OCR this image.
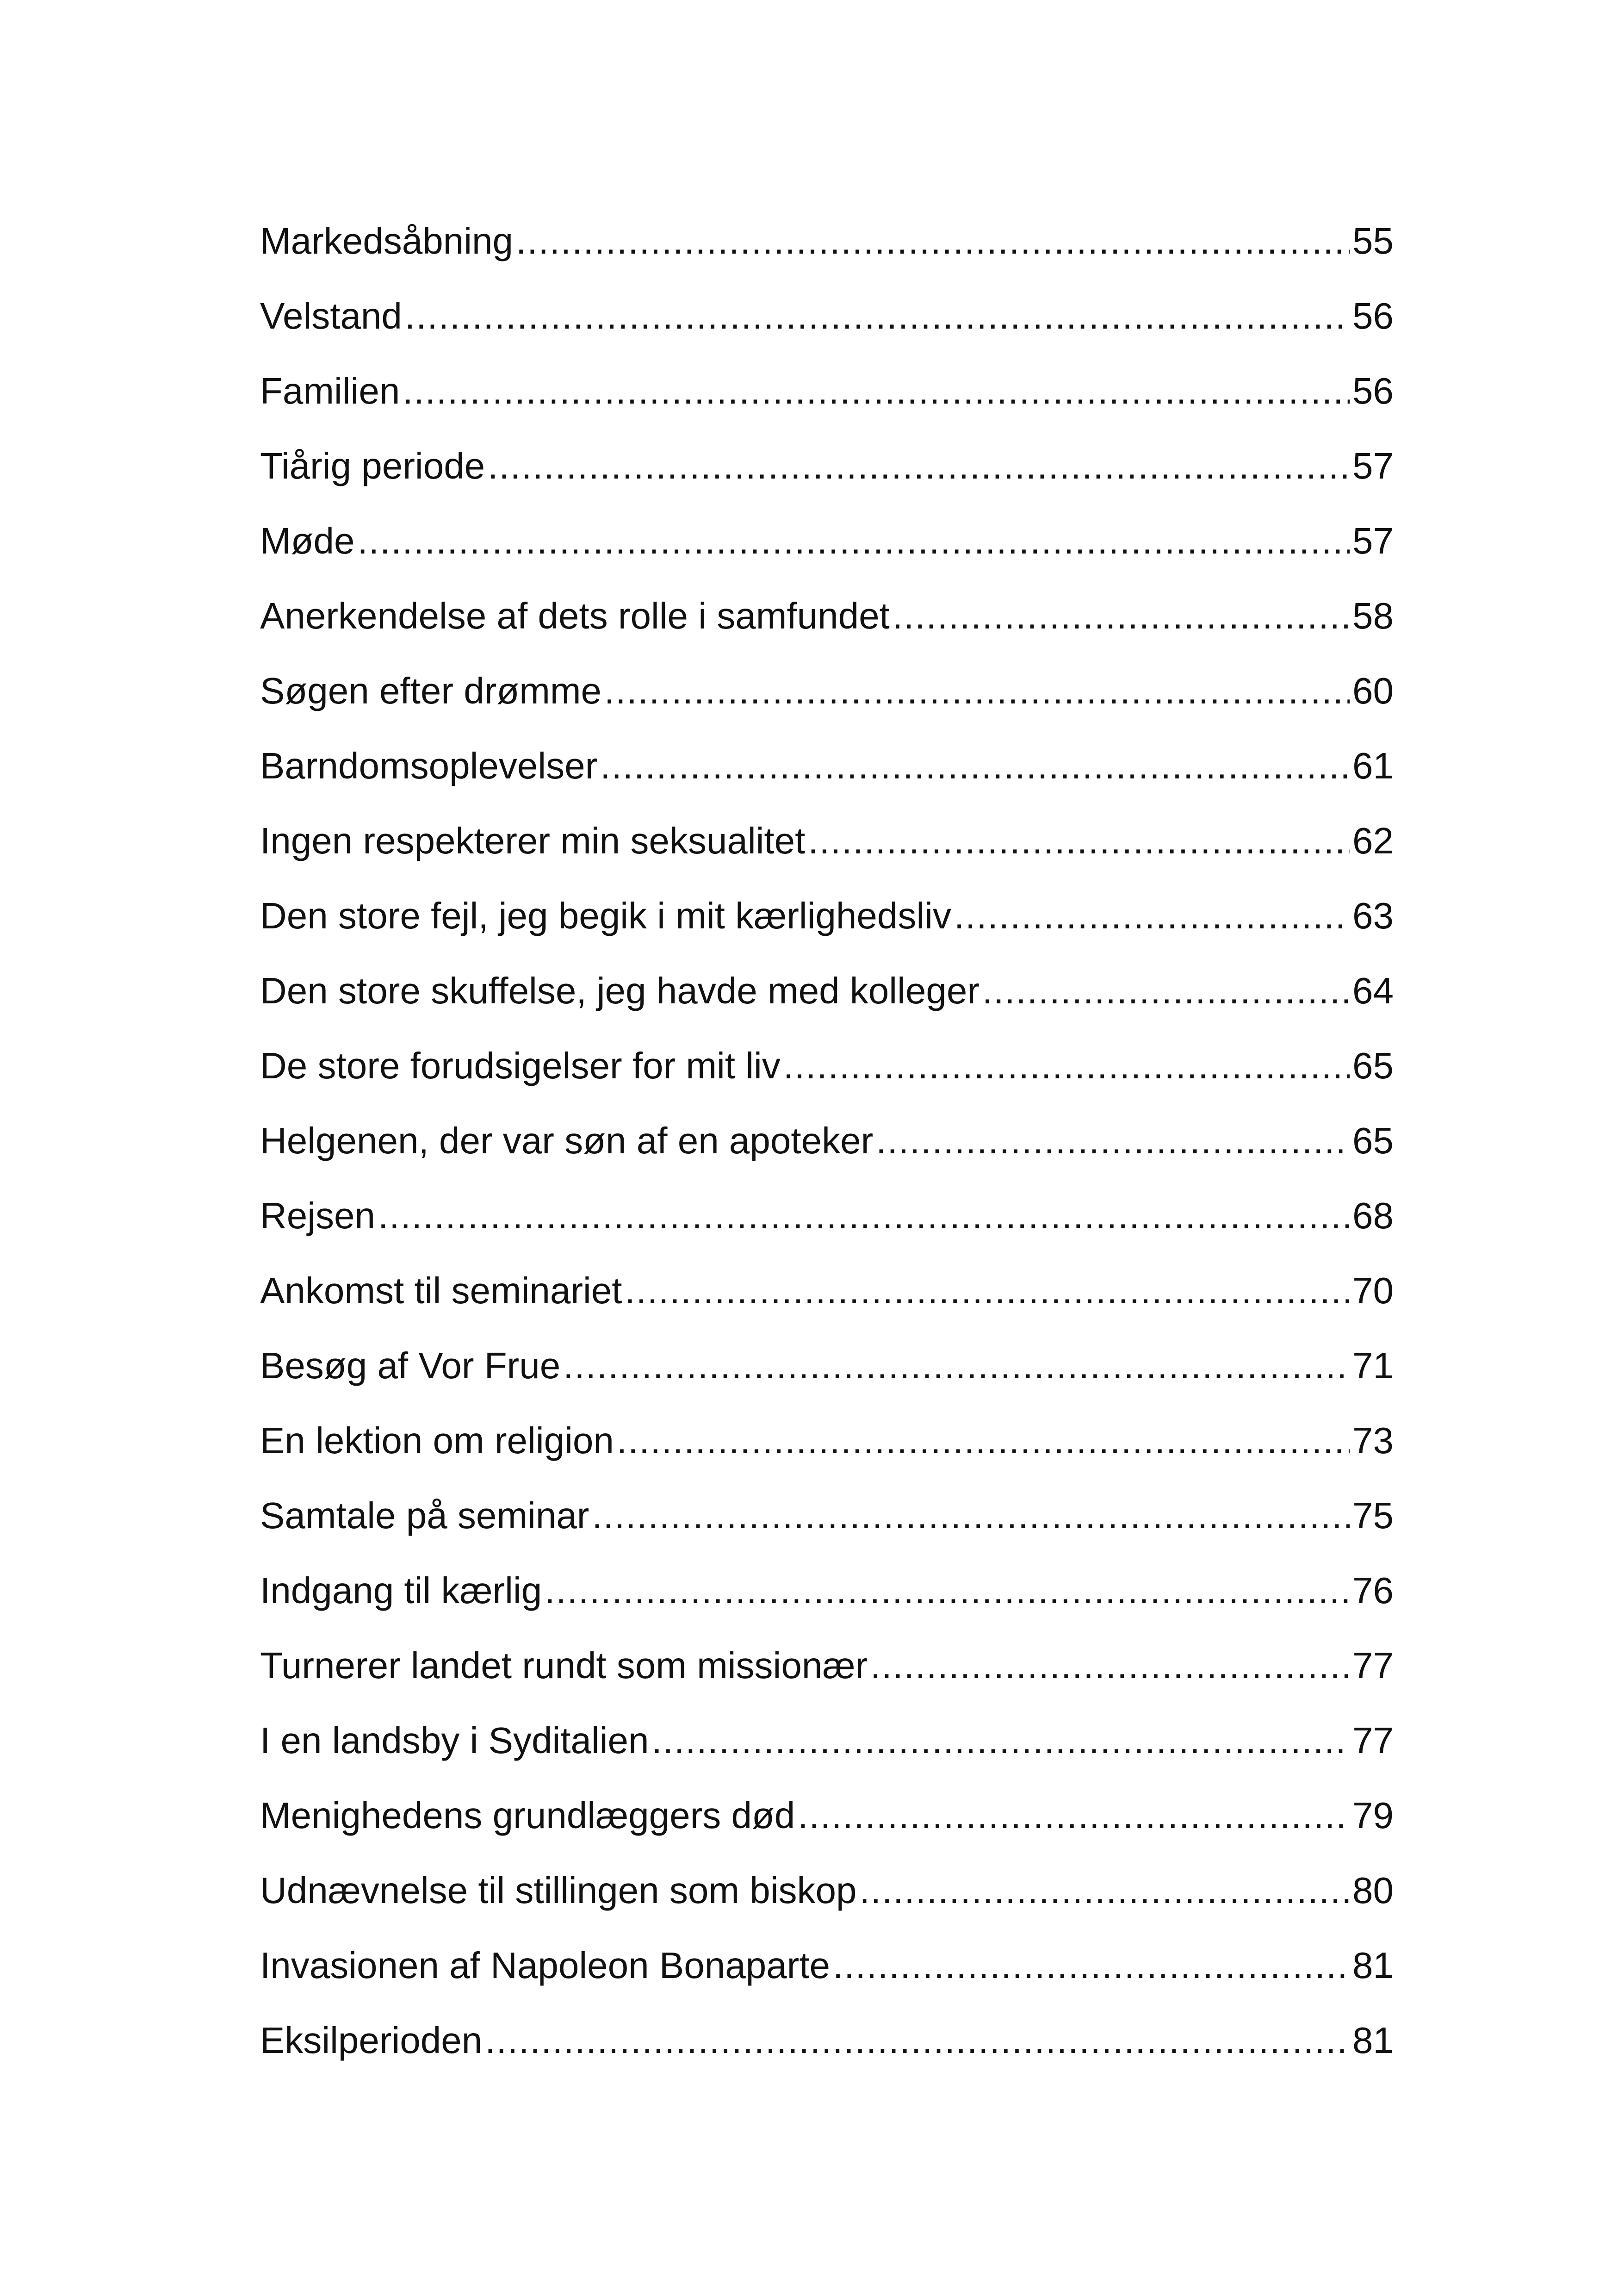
Markedsåbning .....	55
Velstand .....	56
Familien .....	56
Tiårig periode .....	57
Møde .....	57
Anerkendelse af dets rolle i samfundet .....	58
Søgen efter drømme .....	60
Barndomsoplevelser .....	61
Ingen respekterer min seksualitet .....	62
Den store fejl, jeg begik i mit kærlighedsliv .....	63
Den store skuffelse, jeg havde med kolleger .....	64
De store forudsigelser for mit liv .....	65
Helgenen, der var søn af en apoteker .....	65
Rejsen .....	68
Ankomst til seminariet .....	70
Besøg af Vor Frue .....	71
En lektion om religion .....	73
Samtale på seminar .....	75
Indgang til kærlig .....	76
Turnerer landet rundt som missionær .....	77
I en landsby i Syditalien .....	77
Menighedens grundlæggers død .....	79
Udnævnelse til stillingen som biskop .....	80
Invasionen af Napoleon Bonaparte .....	81
Eksilperioden .....	81
